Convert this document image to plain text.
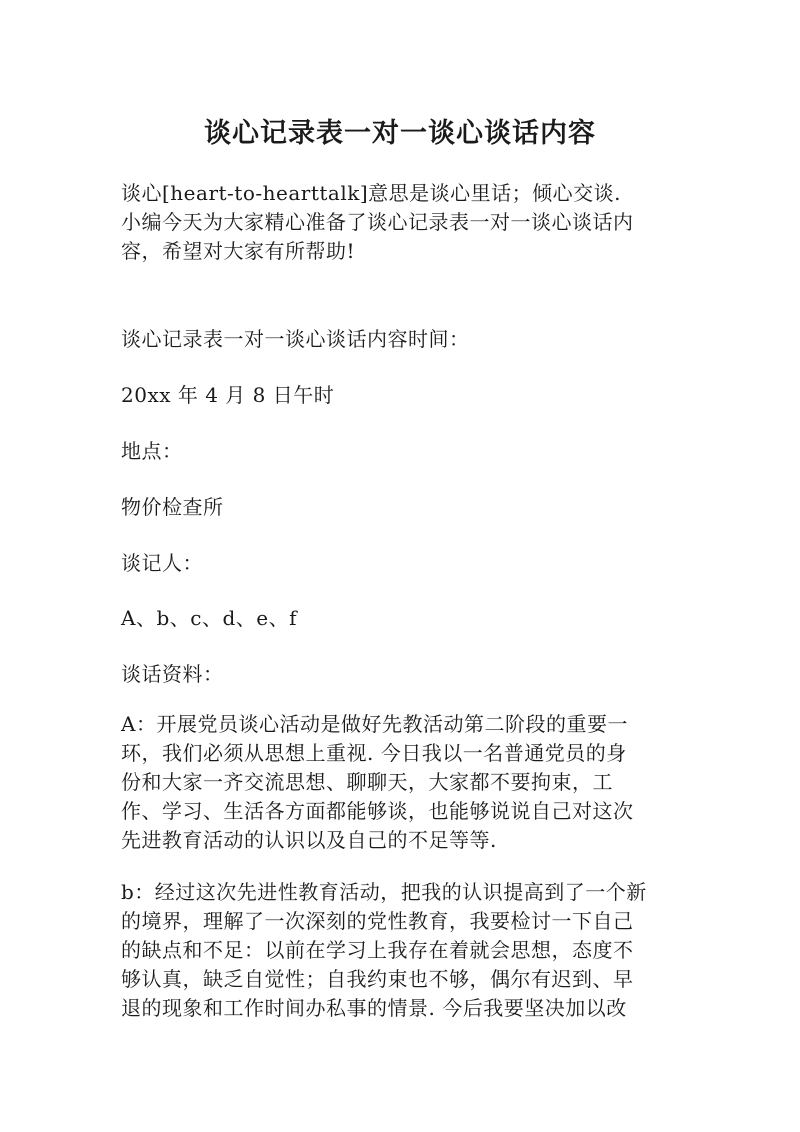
谈心记录表一对一谈心谈话内容
谈心[heart-to-hearttalk]意思是谈心里话；倾心交谈.
小编今天为大家精心准备了谈心记录表一对一谈心谈话内
容，希望对大家有所帮助!
谈心记录表一对一谈心谈话内容时间：
20xx 年 4 月 8 日午时
地点：
物价检查所
谈记人：
A、b、c、d、e、f
谈话资料：
A：开展党员谈心活动是做好先教活动第二阶段的重要一
环，我们必须从思想上重视. 今日我以一名普通党员的身
份和大家一齐交流思想、聊聊天，大家都不要拘束，工
作、学习、生活各方面都能够谈，也能够说说自己对这次
先进教育活动的认识以及自己的不足等等.
b：经过这次先进性教育活动，把我的认识提高到了一个新
的境界，理解了一次深刻的党性教育，我要检讨一下自己
的缺点和不足：以前在学习上我存在着就会思想，态度不
够认真，缺乏自觉性；自我约束也不够，偶尔有迟到、早
退的现象和工作时间办私事的情景. 今后我要坚决加以改
